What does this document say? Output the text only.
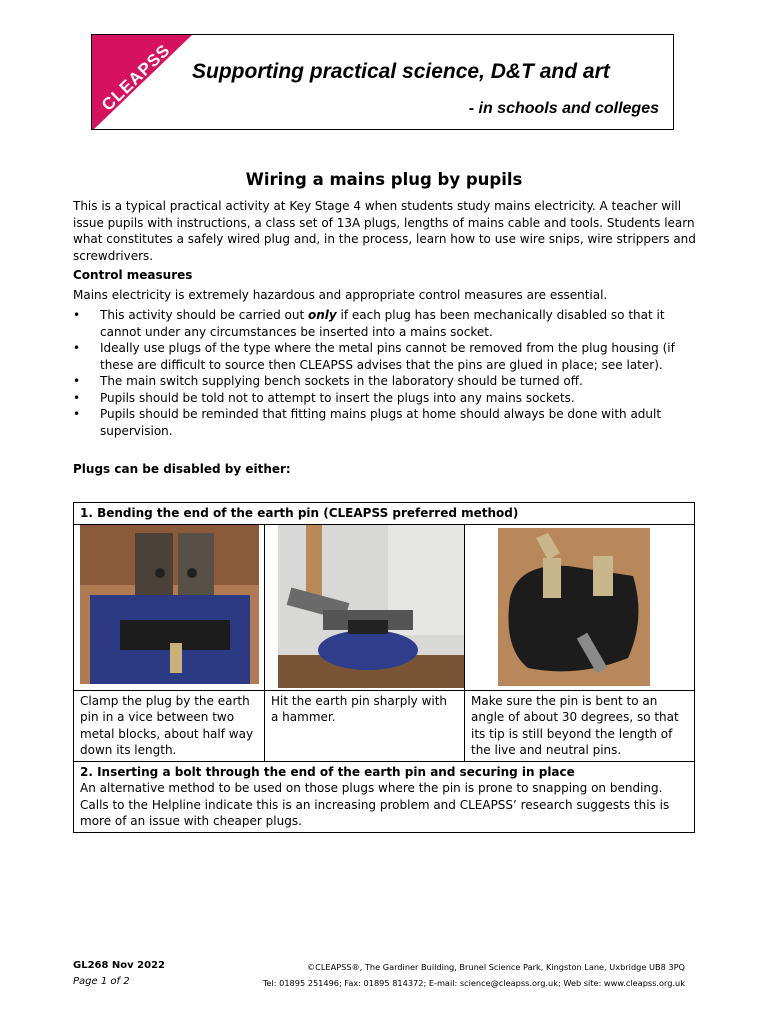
CLEAPSS Supporting practical science, D&T and art
- in schools and colleges
Wiring a mains plug by pupils
This is a typical practical activity at Key Stage 4 when students study mains electricity. A teacher will issue pupils with instructions, a class set of 13A plugs, lengths of mains cable and tools. Students learn what constitutes a safely wired plug and, in the process, learn how to use wire snips, wire strippers and screwdrivers.
Control measures
Mains electricity is extremely hazardous and appropriate control measures are essential.
• This activity should be carried out only if each plug has been mechanically disabled so that it cannot under any circumstances be inserted into a mains socket.
• Ideally use plugs of the type where the metal pins cannot be removed from the plug housing (if these are difficult to source then CLEAPSS advises that the pins are glued in place; see later).
• The main switch supplying bench sockets in the laboratory should be turned off.
• Pupils should be told not to attempt to insert the plugs into any mains sockets.
• Pupils should be reminded that fitting mains plugs at home should always be done with adult supervision.
Plugs can be disabled by either:
1. Bending the end of the earth pin (CLEAPSS preferred method)		

Clamp the plug by the earth pin in a vice between two metal blocks, about half way down its length.	Hit the earth pin sharply with a hammer.	Make sure the pin is bent to an angle of about 30 degrees, so that its tip is still beyond the length of the live and neutral pins.

2. Inserting a bolt through the end of the earth pin and securing in place
An alternative method to be used on those plugs where the pin is prone to snapping on bending. Calls to the Helpline indicate this is an increasing problem and CLEAPSS’ research suggests this is more of an issue with cheaper plugs.		
GL268 Nov 2022
Page 1 of 2
©CLEAPSS®, The Gardiner Building, Brunel Science Park, Kingston Lane, Uxbridge UB8 3PQ
Tel: 01895 251496; Fax: 01895 814372; E-mail: science@cleapss.org.uk; Web site: www.cleapss.org.uk
